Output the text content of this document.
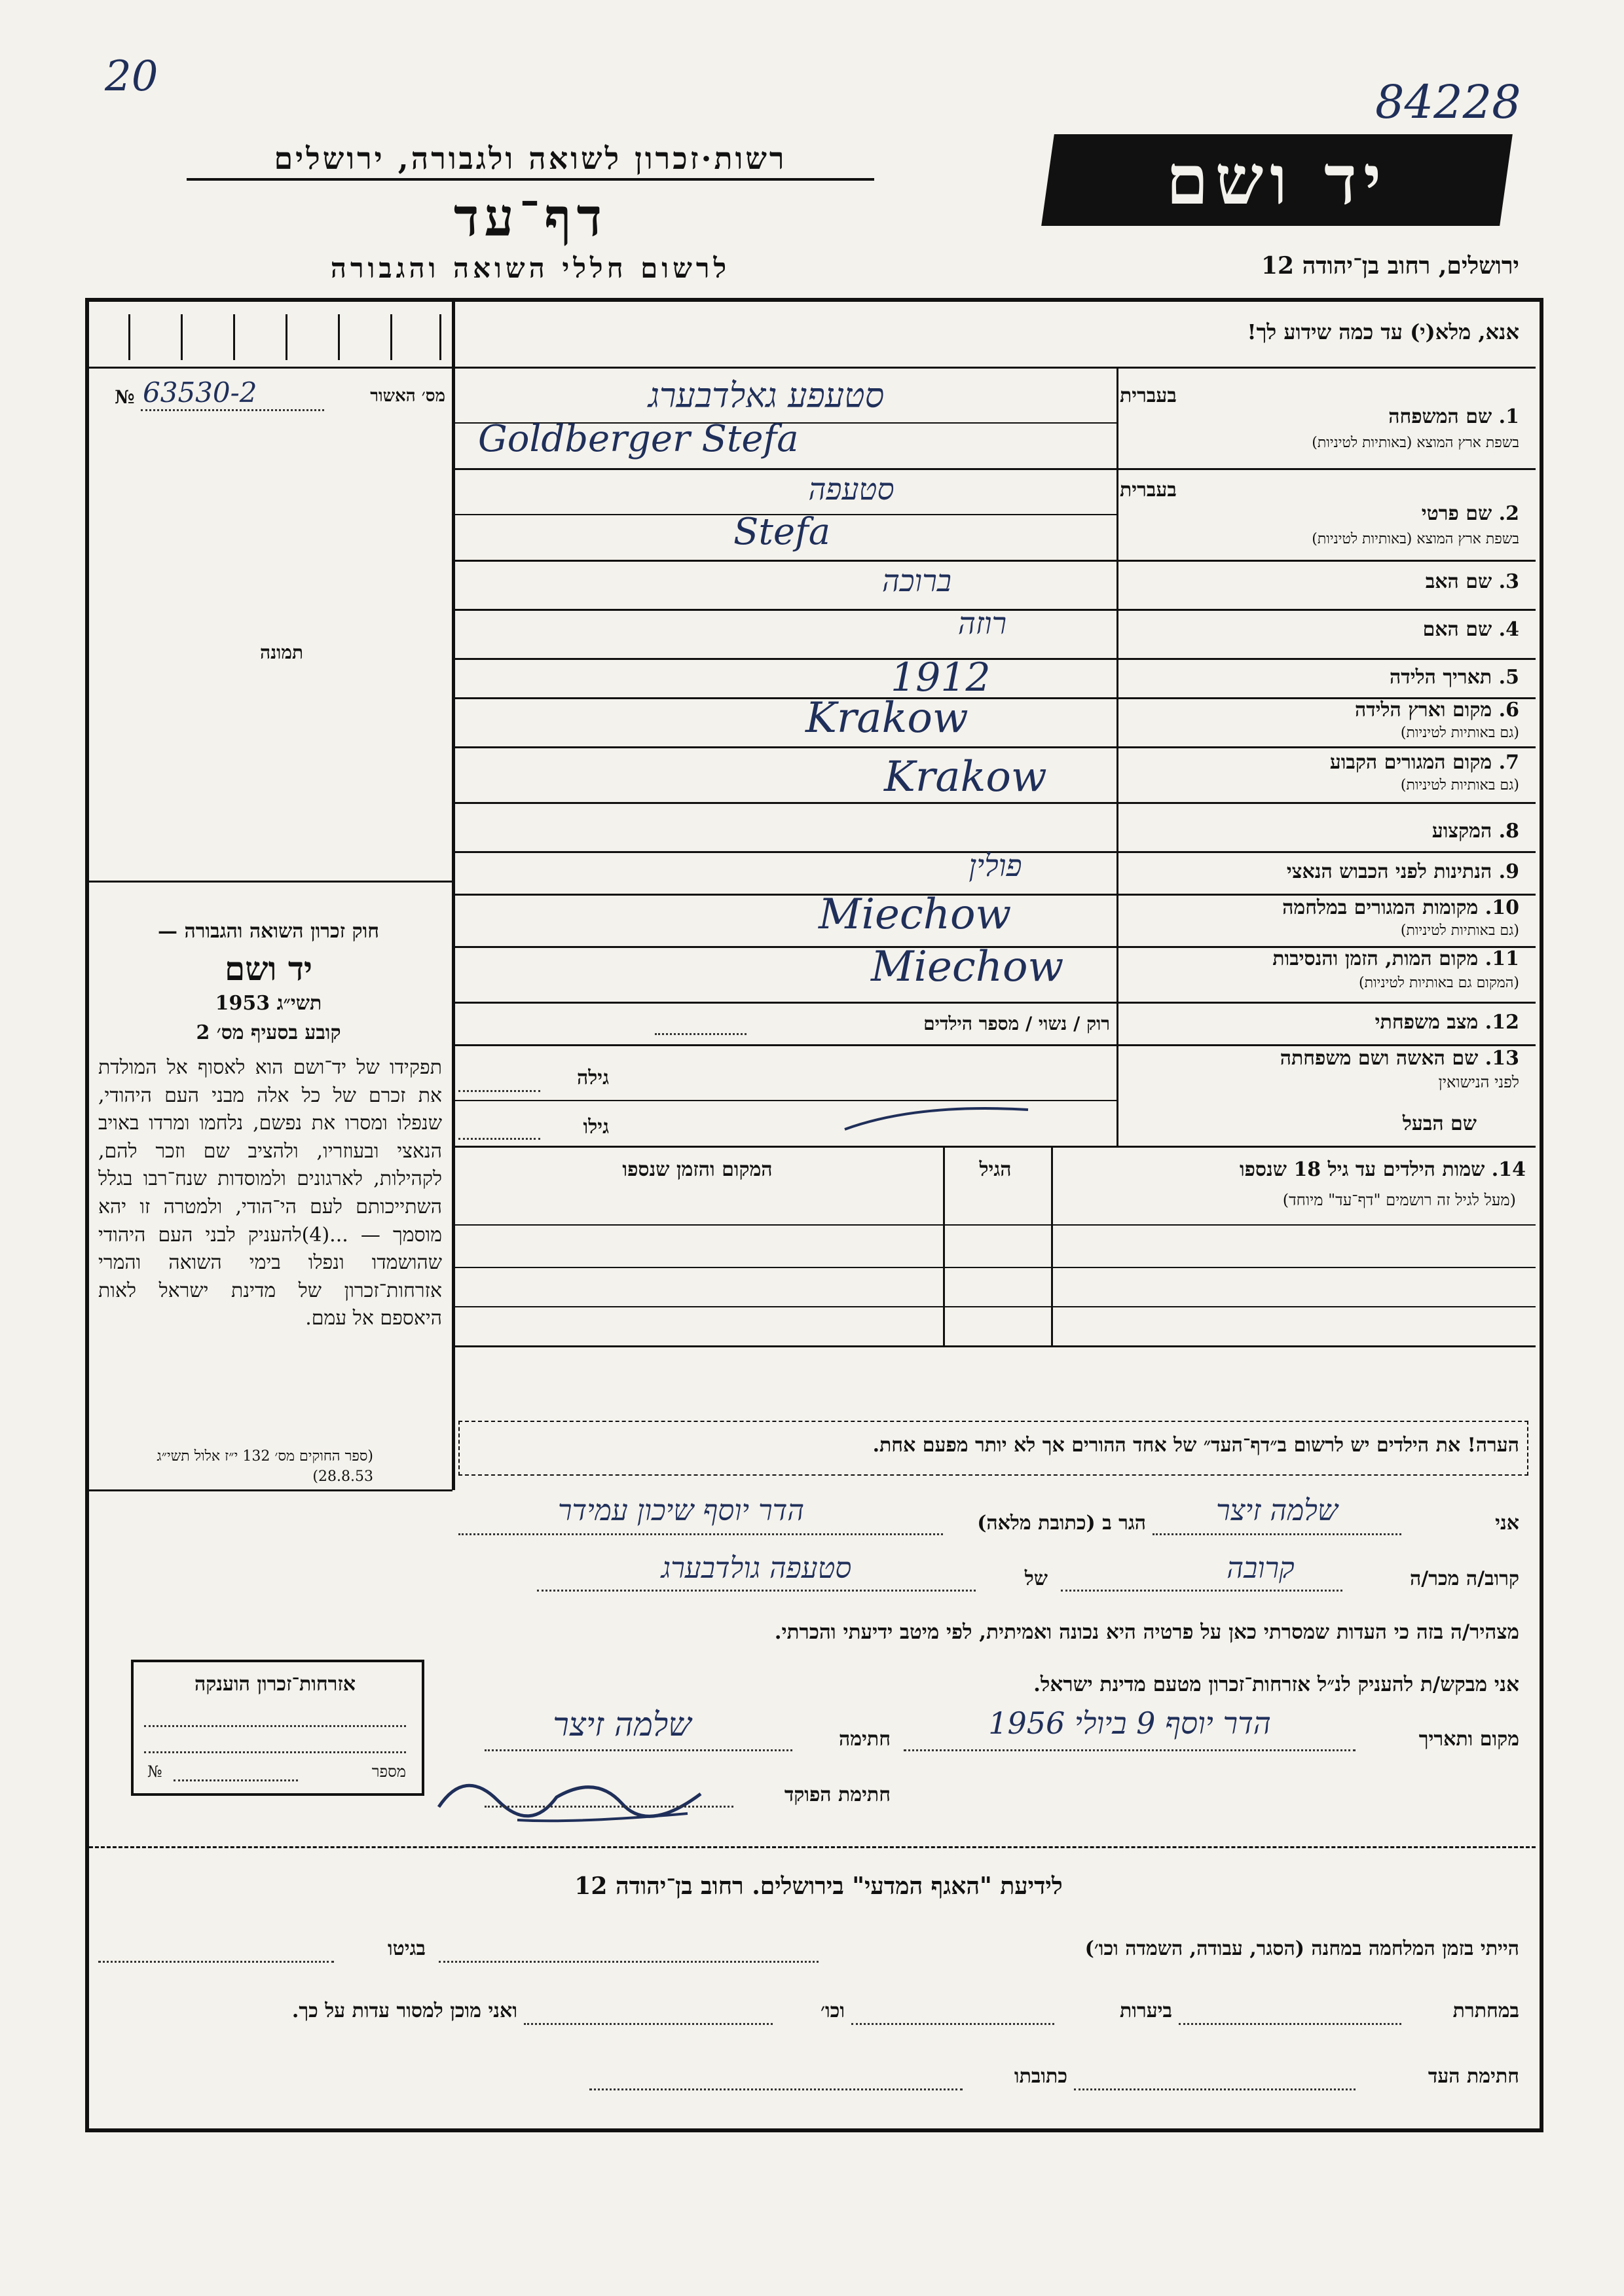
20	84228
רשות·זכרון לשואה ולגבורה, ירושלים
דף־עד
לרשום חללי השואה והגבורה
יד ושם
ירושלים, רחוב בן־יהודה 12
אנא, מלא(י) עד כמה שידוע לך!
№ 63530-2	מס׳ האשור
תמונה
בעברית
1. שם המשפחה
בשפת ארץ המוצא (באותיות לטיניות)
סטעפע גאלדבערג
Goldberger Stefa
בעברית
2. שם פרטי
בשפת ארץ המוצא (באותיות לטיניות)
סטעפה
Stefa
3. שם האב
ברוכה
4. שם האם
רוזה
5. תאריך הלידה
1912
6. מקום וארץ הלידה
(גם באותיות לטיניות)
Krakow
7. מקום המגורים הקבוע
(גם באותיות לטיניות)
Krakow
8. המקצוע
9. הנתינות לפני הכבוש הנאצי
פולין
10. מקומות המגורים במלחמה
(גם באותיות לטיניות)
Miechow
11. מקום המות, הזמן והנסיבות
(המקום גם באותיות לטיניות)
Miechow
12. מצב משפחתי
רוק / נשוי / מספר הילדים
13. שם האשה ושם משפחתה
לפני הנישואין
גילה
שם הבעל
גילו
14. שמות הילדים עד גיל 18 שנספו
(מעל לגיל זה רושמים "דף־עד" מיוחד)
הגיל
המקום והזמן שנספו
חוק זכרון השואה והגבורה —
יד ושם
תשי״ג 1953
קובע בסעיף מס׳ 2
תפקידו של יד־ושם הוא לאסוף אל המולדת את זכרם של כל אלה מבני העם היהודי, שנפלו ומסרו את נפשם, נלחמו ומרדו באויב הנאצי ובעוזריו, ולהציב שם וזכר להם, לקהילות, לארגונים ולמוסדות שנח־רבו בגלל השתייכותם לעם הי־הודי, ולמטרה זו יהא מוסמך — ...(4)להעניק לבני העם היהודי שהושמדו ונפלו בימי השואה והמרי אזרחות־זכרון של מדינת ישראל לאות היאספם אל עמם.
(ספר החוקים מס׳ 132 י״ז אלול תשי״ג 28.8.53)
הערה! את הילדים יש לרשום ב״דף־העד״ של אחד ההורים אך לא יותר מפעם אחת.
אני
שלמה זיצר
הגר ב (כתובת מלאה)
הדר יוסף שיכון עמידר
קרוב/ה מכר/ה
קרובה
של
סטעפה גולדבערג
מצהיר/ה בזה כי העדות שמסרתי כאן על פרטיה היא נכונה ואמיתית, לפי מיטב ידיעתי והכרתי.
אני מבקש/ת להעניק לנ״ל אזרחות־זכרון מטעם מדינת ישראל.
מקום ותאריך
הדר יוסף 9 ביולי 1956
חתימה
שלמה זיצר
חתימת הפוקד
אזרחות־זכרון הוענקה
№	מספר
לידיעת "האגף המדעי" בירושלים. רחוב בן־יהודה 12
הייתי בזמן המלחמה במחנה (הסגר, עבודה, השמדה וכו׳)
בגיטו
במחתרת
ביערות
וכו׳
ואני מוכן למסור עדות על כך.
חתימת העד
כתובתו
